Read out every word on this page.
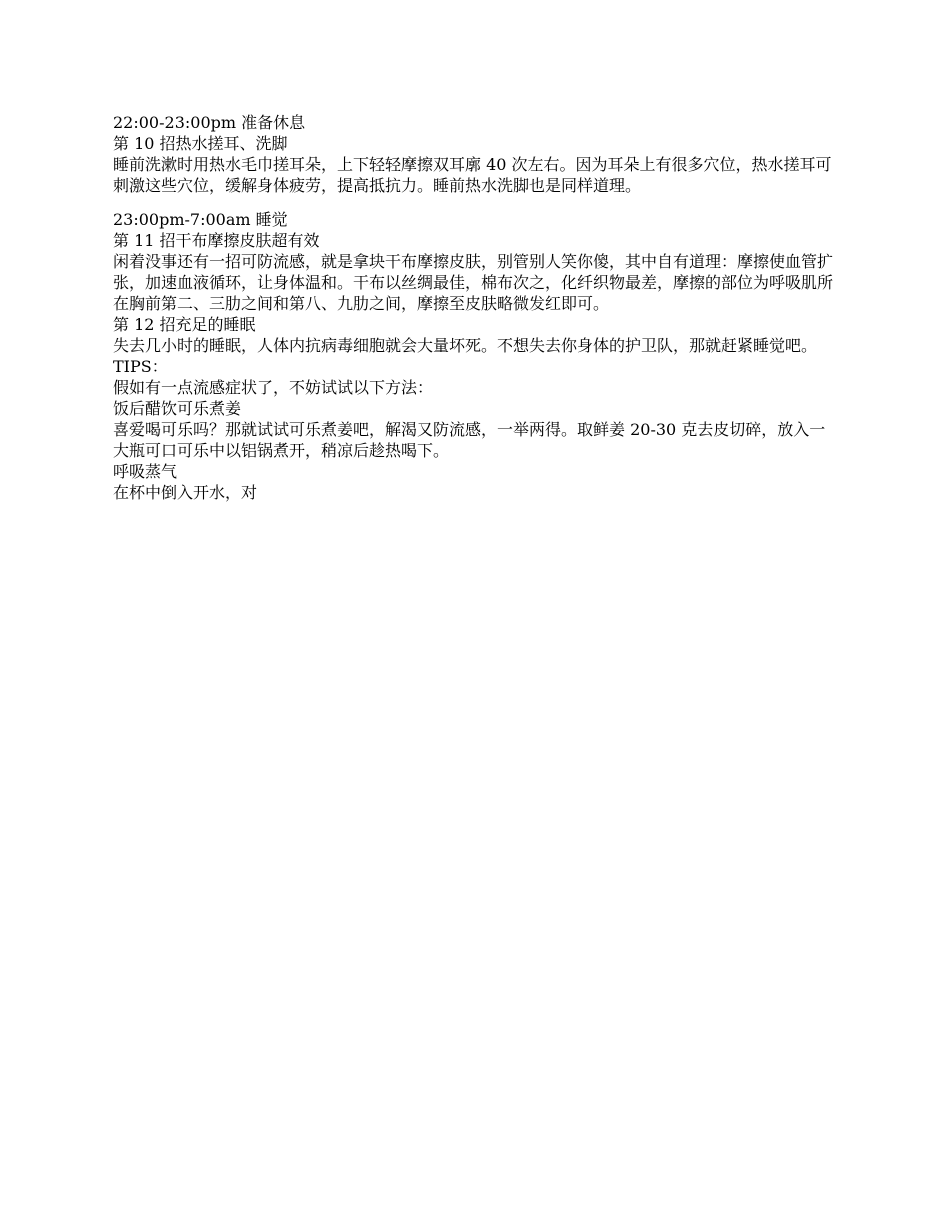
22:00-23:00pm 准备休息

第 10 招热水搓耳、洗脚

睡前洗漱时用热水毛巾搓耳朵，上下轻轻摩擦双耳廓 40 次左右。因为耳朵上有很多穴位，热水搓耳可刺激这些穴位，缓解身体疲劳，提高抵抗力。睡前热水洗脚也是同样道理。

23:00pm-7:00am 睡觉

第 11 招干布摩擦皮肤超有效

闲着没事还有一招可防流感，就是拿块干布摩擦皮肤，别管别人笑你傻，其中自有道理：摩擦使血管扩张，加速血液循环，让身体温和。干布以丝绸最佳，棉布次之，化纤织物最差，摩擦的部位为呼吸肌所在胸前第二、三肋之间和第八、九肋之间，摩擦至皮肤略微发红即可。

第 12 招充足的睡眠

失去几小时的睡眠，人体内抗病毒细胞就会大量坏死。不想失去你身体的护卫队，那就赶紧睡觉吧。

TIPS：

假如有一点流感症状了，不妨试试以下方法：

饭后醋饮可乐煮姜

喜爱喝可乐吗？那就试试可乐煮姜吧，解渴又防流感，一举两得。取鲜姜 20-30 克去皮切碎，放入一大瓶可口可乐中以铝锅煮开，稍凉后趁热喝下。

呼吸蒸气

在杯中倒入开水，对
